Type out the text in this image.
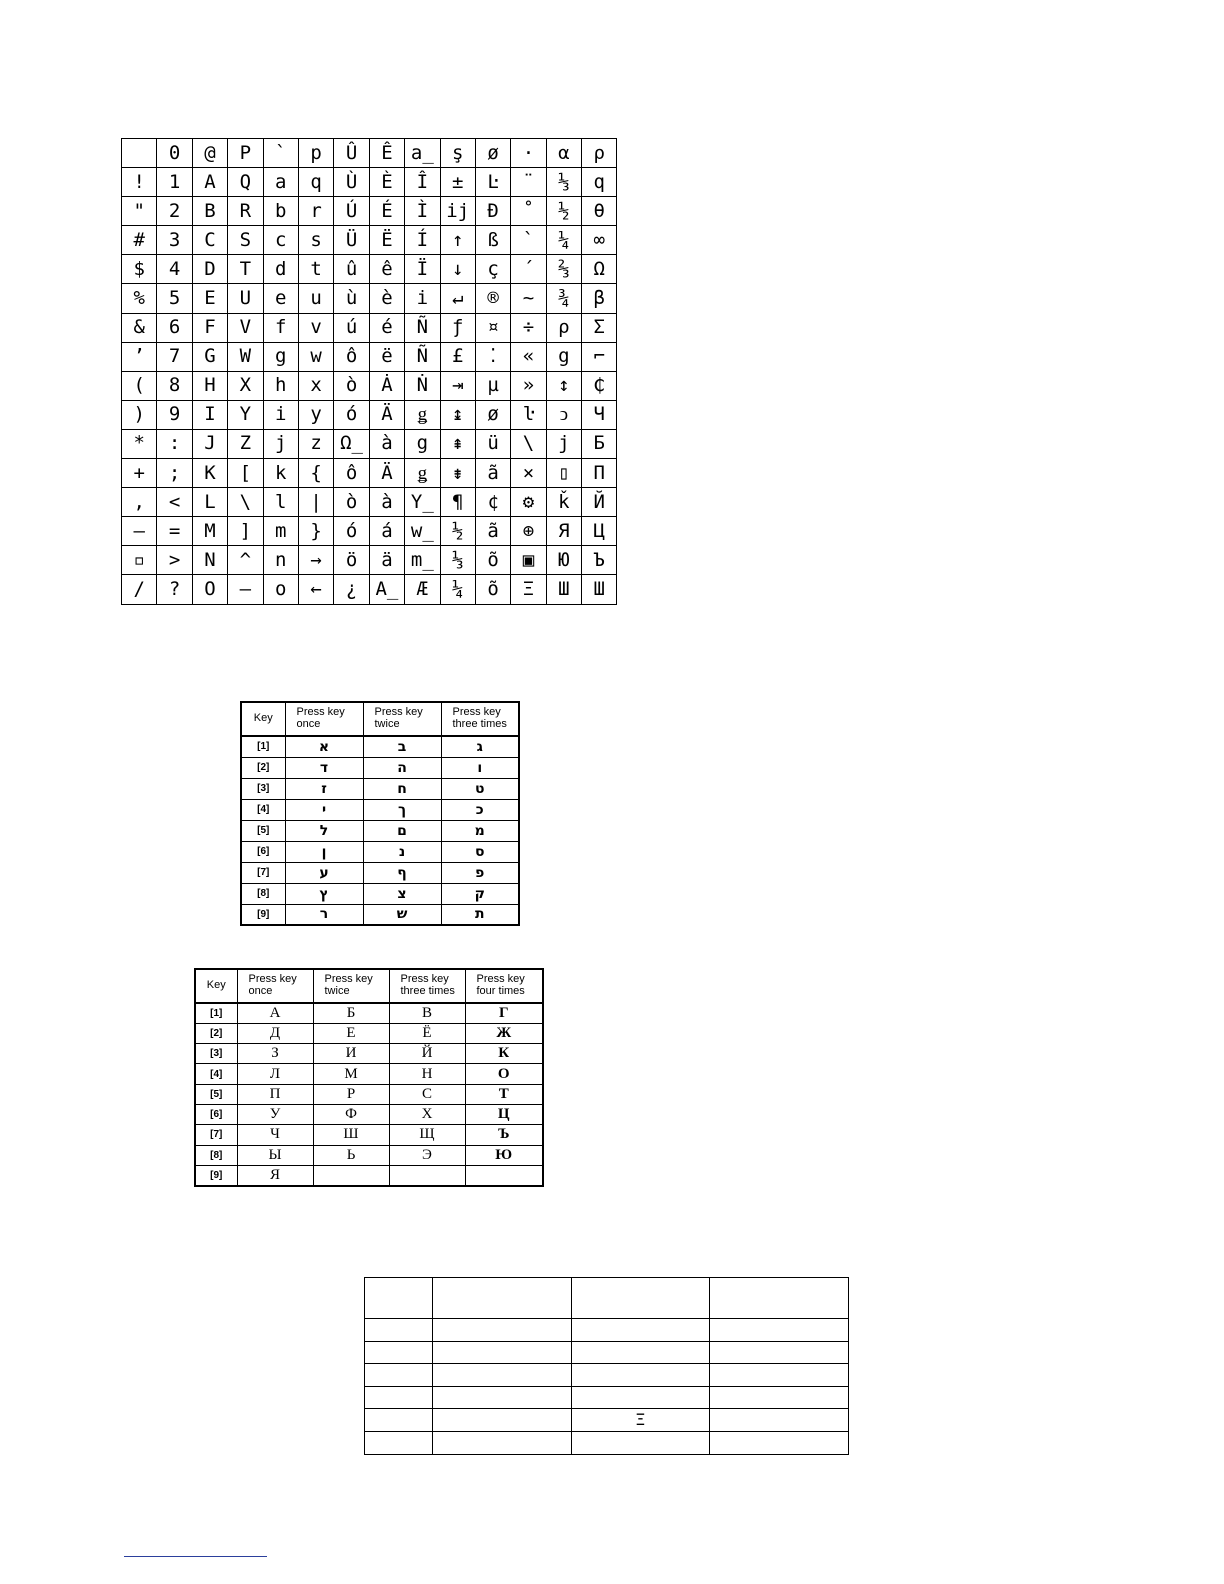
	0	@	P	`	p	Û	Ê	a̲	ş	ø	·	α	ρ
!	1	A	Q	a	q	Ù	È	Î	±	Ŀ	¨	⅓	q
"	2	B	R	b	r	Ú	É	Ì	ij	Đ	˚	½	θ
#	3	C	S	c	s	Ü	Ë	Í	↑	ß	`	¼	∞
$	4	D	T	d	t	û	ê	Ï	↓	ç	´	⅔	Ω
%	5	E	U	e	u	ù	è	i	↵	®	~	¾	β
&	6	F	V	f	v	ú	é	Ñ	ƒ	¤	÷	ρ	Σ
’	7	G	W	g	w	ô	ë	Ñ	£	⁚	«	g	⌐
(	8	H	X	h	x	ò	Ȧ	Ṅ	⇥	µ	»	↕	₵
)	9	I	Y	i	y	ó	Ä	ǥ	↨	ø	ŀ	ↄ	Ч
*	:	J	Z	j	z	Ω̲	à	g	⇞	ü	\	j	Б
+	;	K	[	k	{	ô	Ä	ǥ	⇟	ã	×	▯	П
,	<	L	\	l	|	ò	à	Y̲	¶	¢	⚙	ǩ	Й
–	=	M	]	m	}	ó	á	w̲	½	ã	⊕	Я	Ц
▫	>	N	^	n	→	ö	ä	m̲	⅓	õ	▣	Ю	Ъ
/	?	O	–	o	←	¿	A̲	Æ	¼	õ	Ξ	Ш	Ш
Key	Press key once	Press key twice	Press key three times
[1]	א	ב	ג
[2]	ד	ה	ו
[3]	ז	ח	ט
[4]	י	ך	כ
[5]	ל	ם	מ
[6]	ן	נ	ס
[7]	ע	ף	פ
[8]	ץ	צ	ק
[9]	ר	ש	ת
Key	Press key once	Press key twice	Press key three times	Press key four times
[1]	А	Б	В	Г
[2]	Д	Е	Ё	Ж
[3]	З	И	Й	К
[4]	Л	М	Н	О
[5]	П	Р	С	Т
[6]	У	Ф	Х	Ц
[7]	Ч	Ш	Щ	Ъ
[8]	Ы	Ь	Э	Ю
[9]	Я			

		Ξ	
